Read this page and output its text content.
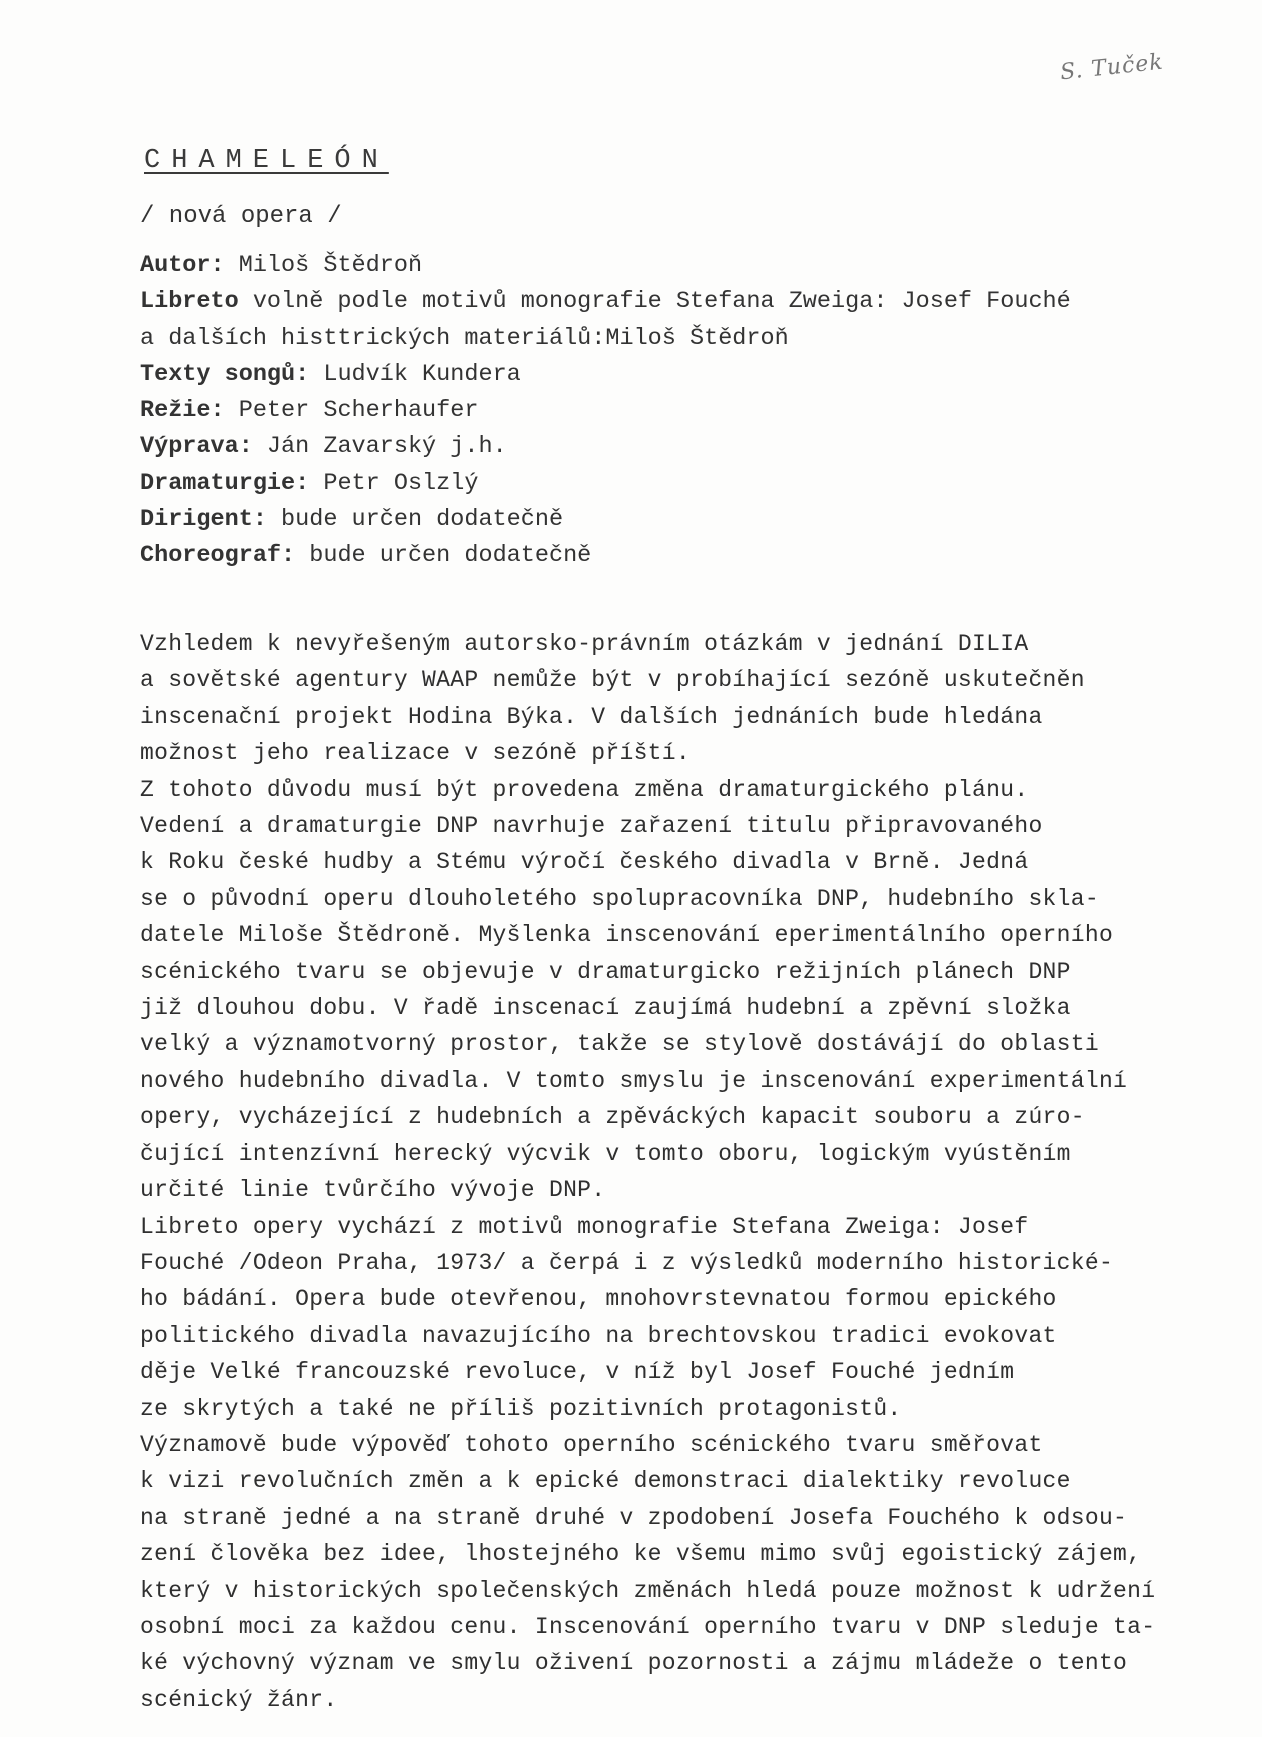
S. Tuček
CHAMELEÓN
/ nová opera /
Autor: Miloš Štědroň
Libreto volně podle motivů monografie Stefana Zweiga: Josef Fouché
a dalších histtrických materiálů:Miloš Štědroň
Texty songů: Ludvík Kundera
Režie: Peter Scherhaufer
Výprava: Ján Zavarský j.h.
Dramaturgie: Petr Oslzlý
Dirigent: bude určen dodatečně
Choreograf: bude určen dodatečně
Vzhledem k nevyřešeným autorsko-právním otázkám v jednání DILIA
a sovětské agentury WAAP nemůže být v probíhající sezóně uskutečněn
inscenační projekt Hodina Býka. V dalších jednáních bude hledána
možnost jeho realizace v sezóně příští.
Z tohoto důvodu musí být provedena změna dramaturgického plánu.
Vedení a dramaturgie DNP navrhuje zařazení titulu připravovaného
k Roku české hudby a Stému výročí českého divadla v Brně. Jedná
se o původní operu dlouholetého spolupracovníka DNP, hudebního skla-
datele Miloše Štědroně. Myšlenka inscenování eperimentálního operního
scénického tvaru se objevuje v dramaturgicko režijních plánech DNP
již dlouhou dobu. V řadě inscenací zaujímá hudební a zpěvní složka
velký a významotvorný prostor, takže se stylově dostávájí do oblasti
nového hudebního divadla. V tomto smyslu je inscenování experimentální
opery, vycházející z hudebních a zpěváckých kapacit souboru a zúro-
čující intenzívní herecký výcvik v tomto oboru, logickým vyústěním
určité linie tvůrčího vývoje DNP.
Libreto opery vychází z motivů monografie Stefana Zweiga: Josef
Fouché /Odeon Praha, 1973/ a čerpá i z výsledků moderního historické-
ho bádání. Opera bude otevřenou, mnohovrstevnatou formou epického
politického divadla navazujícího na brechtovskou tradici evokovat
děje Velké francouzské revoluce, v níž byl Josef Fouché jedním
ze skrytých a také ne příliš pozitivních protagonistů.
Významově bude výpověď tohoto operního scénického tvaru směřovat
k vizi revolučních změn a k epické demonstraci dialektiky revoluce
na straně jedné a na straně druhé v zpodobení Josefa Fouchého k odsou-
zení člověka bez idee, lhostejného ke všemu mimo svůj egoistický zájem,
který v historických společenských změnách hledá pouze možnost k udržení
osobní moci za každou cenu. Inscenování operního tvaru v DNP sleduje ta-
ké výchovný význam ve smylu oživení pozornosti a zájmu mládeže o tento
scénický žánr.
